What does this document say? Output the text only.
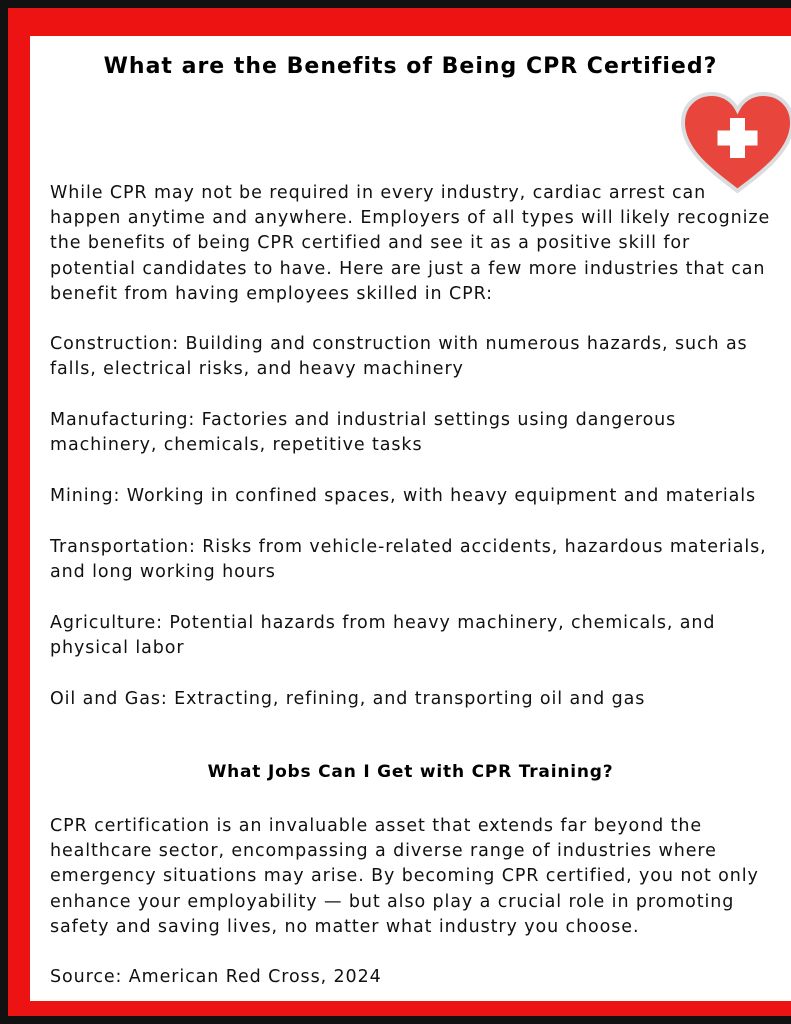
What are the Benefits of Being CPR Certified?

While CPR may not be required in every industry, cardiac arrest can happen anytime and anywhere. Employers of all types will likely recognize the benefits of being CPR certified and see it as a positive skill for potential candidates to have. Here are just a few more industries that can benefit from having employees skilled in CPR:

Construction: Building and construction with numerous hazards, such as falls, electrical risks, and heavy machinery

Manufacturing: Factories and industrial settings using dangerous machinery, chemicals, repetitive tasks

Mining: Working in confined spaces, with heavy equipment and materials

Transportation: Risks from vehicle-related accidents, hazardous materials, and long working hours

Agriculture: Potential hazards from heavy machinery, chemicals, and physical labor

Oil and Gas: Extracting, refining, and transporting oil and gas

What Jobs Can I Get with CPR Training?

CPR certification is an invaluable asset that extends far beyond the healthcare sector, encompassing a diverse range of industries where emergency situations may arise. By becoming CPR certified, you not only enhance your employability — but also play a crucial role in promoting safety and saving lives, no matter what industry you choose.

Source: American Red Cross, 2024
